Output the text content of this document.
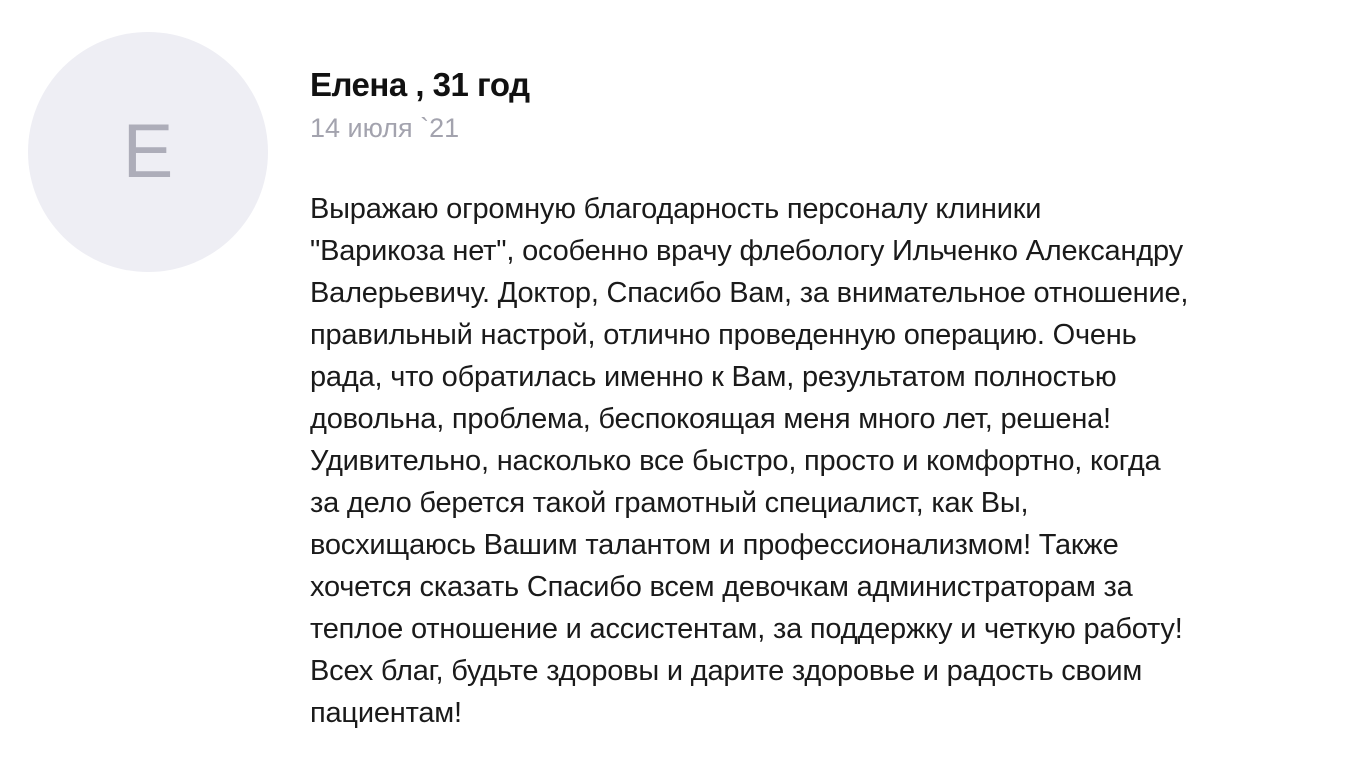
Е
Елена , 31 год
14 июля `21
Выражаю огромную благодарность персоналу клиники
"Варикоза нет", особенно врачу флебологу Ильченко Александру
Валерьевичу. Доктор, Спасибо Вам, за внимательное отношение,
правильный настрой, отлично проведенную операцию. Очень
рада, что обратилась именно к Вам, результатом полностью
довольна, проблема, беспокоящая меня много лет, решена!
Удивительно, насколько все быстро, просто и комфортно, когда
за дело берется такой грамотный специалист, как Вы,
восхищаюсь Вашим талантом и профессионализмом! Также
хочется сказать Спасибо всем девочкам администраторам за
теплое отношение и ассистентам, за поддержку и четкую работу!
Всех благ, будьте здоровы и дарите здоровье и радость своим
пациентам!
